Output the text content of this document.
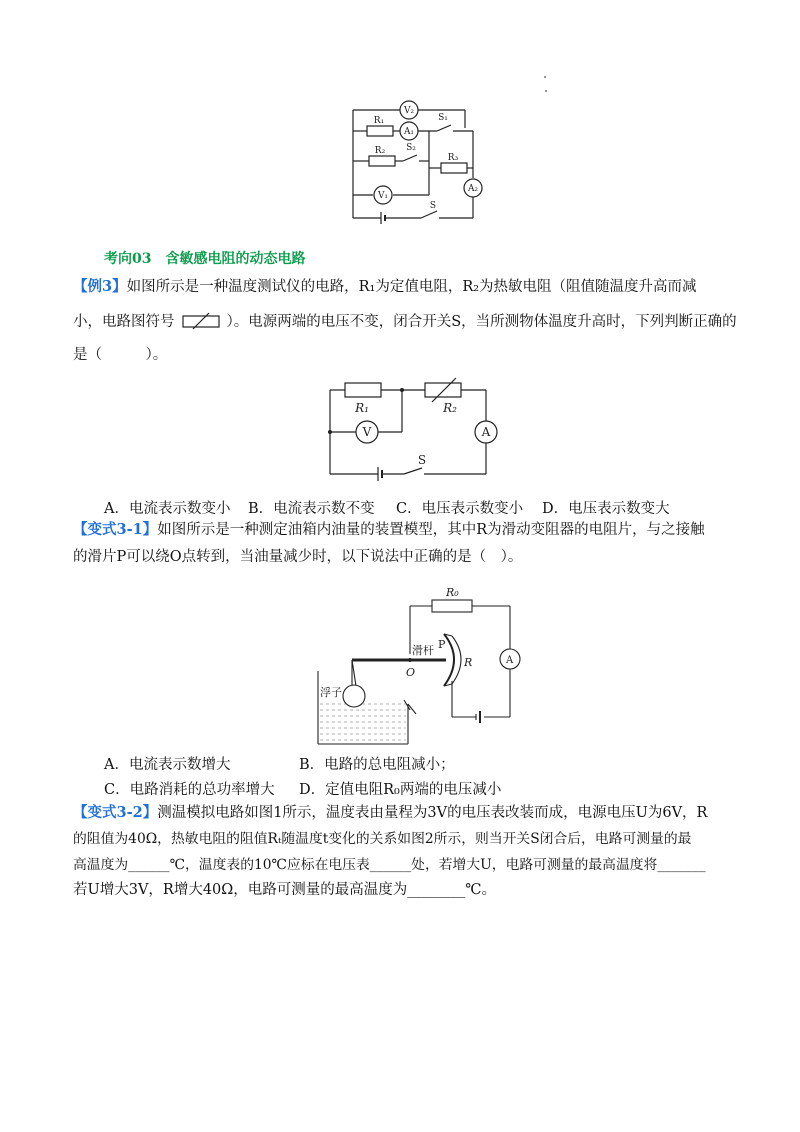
V₂
R₁
A₁
S₁
R₂ S₂
R₃
A₂
V₁
S
考向03　含敏感电阻的动态电路
【例3】如图所示是一种温度测试仪的电路，R₁为定值电阻，R₂为热敏电阻（阻值随温度升高而减
小，电路图符号	）。电源两端的电压不变，闭合开关S，当所测物体温度升高时，下列判断正确的
是（　　　）。
R₁	R₂
V	A
S
A．电流表示数变小 B．电流表示数不变 C．电压表示数变小 D．电压表示数变大
【变式3-1】如图所示是一种测定油箱内油量的装置模型，其中R为滑动变阻器的电阻片，与之接触
的滑片P可以绕O点转到，当油量减少时，以下说法中正确的是（　）。
R₀
P
滑杆
R
O
浮子
A
A．电流表示数增大	B．电路的总电阻减小；
C．电路消耗的总功率增大 D．定值电阻R₀两端的电压减小
【变式3-2】测温模拟电路如图1所示，温度表由量程为3V的电压表改装而成，电源电压U为6V，R
的阻值为40Ω，热敏电阻的阻值Rₜ随温度t变化的关系如图2所示，则当开关S闭合后，电路可测量的最
高温度为______℃，温度表的10℃应标在电压表______处，若增大U，电路可测量的最高温度将_______
若U增大3V，R增大40Ω，电路可测量的最高温度为________℃。
